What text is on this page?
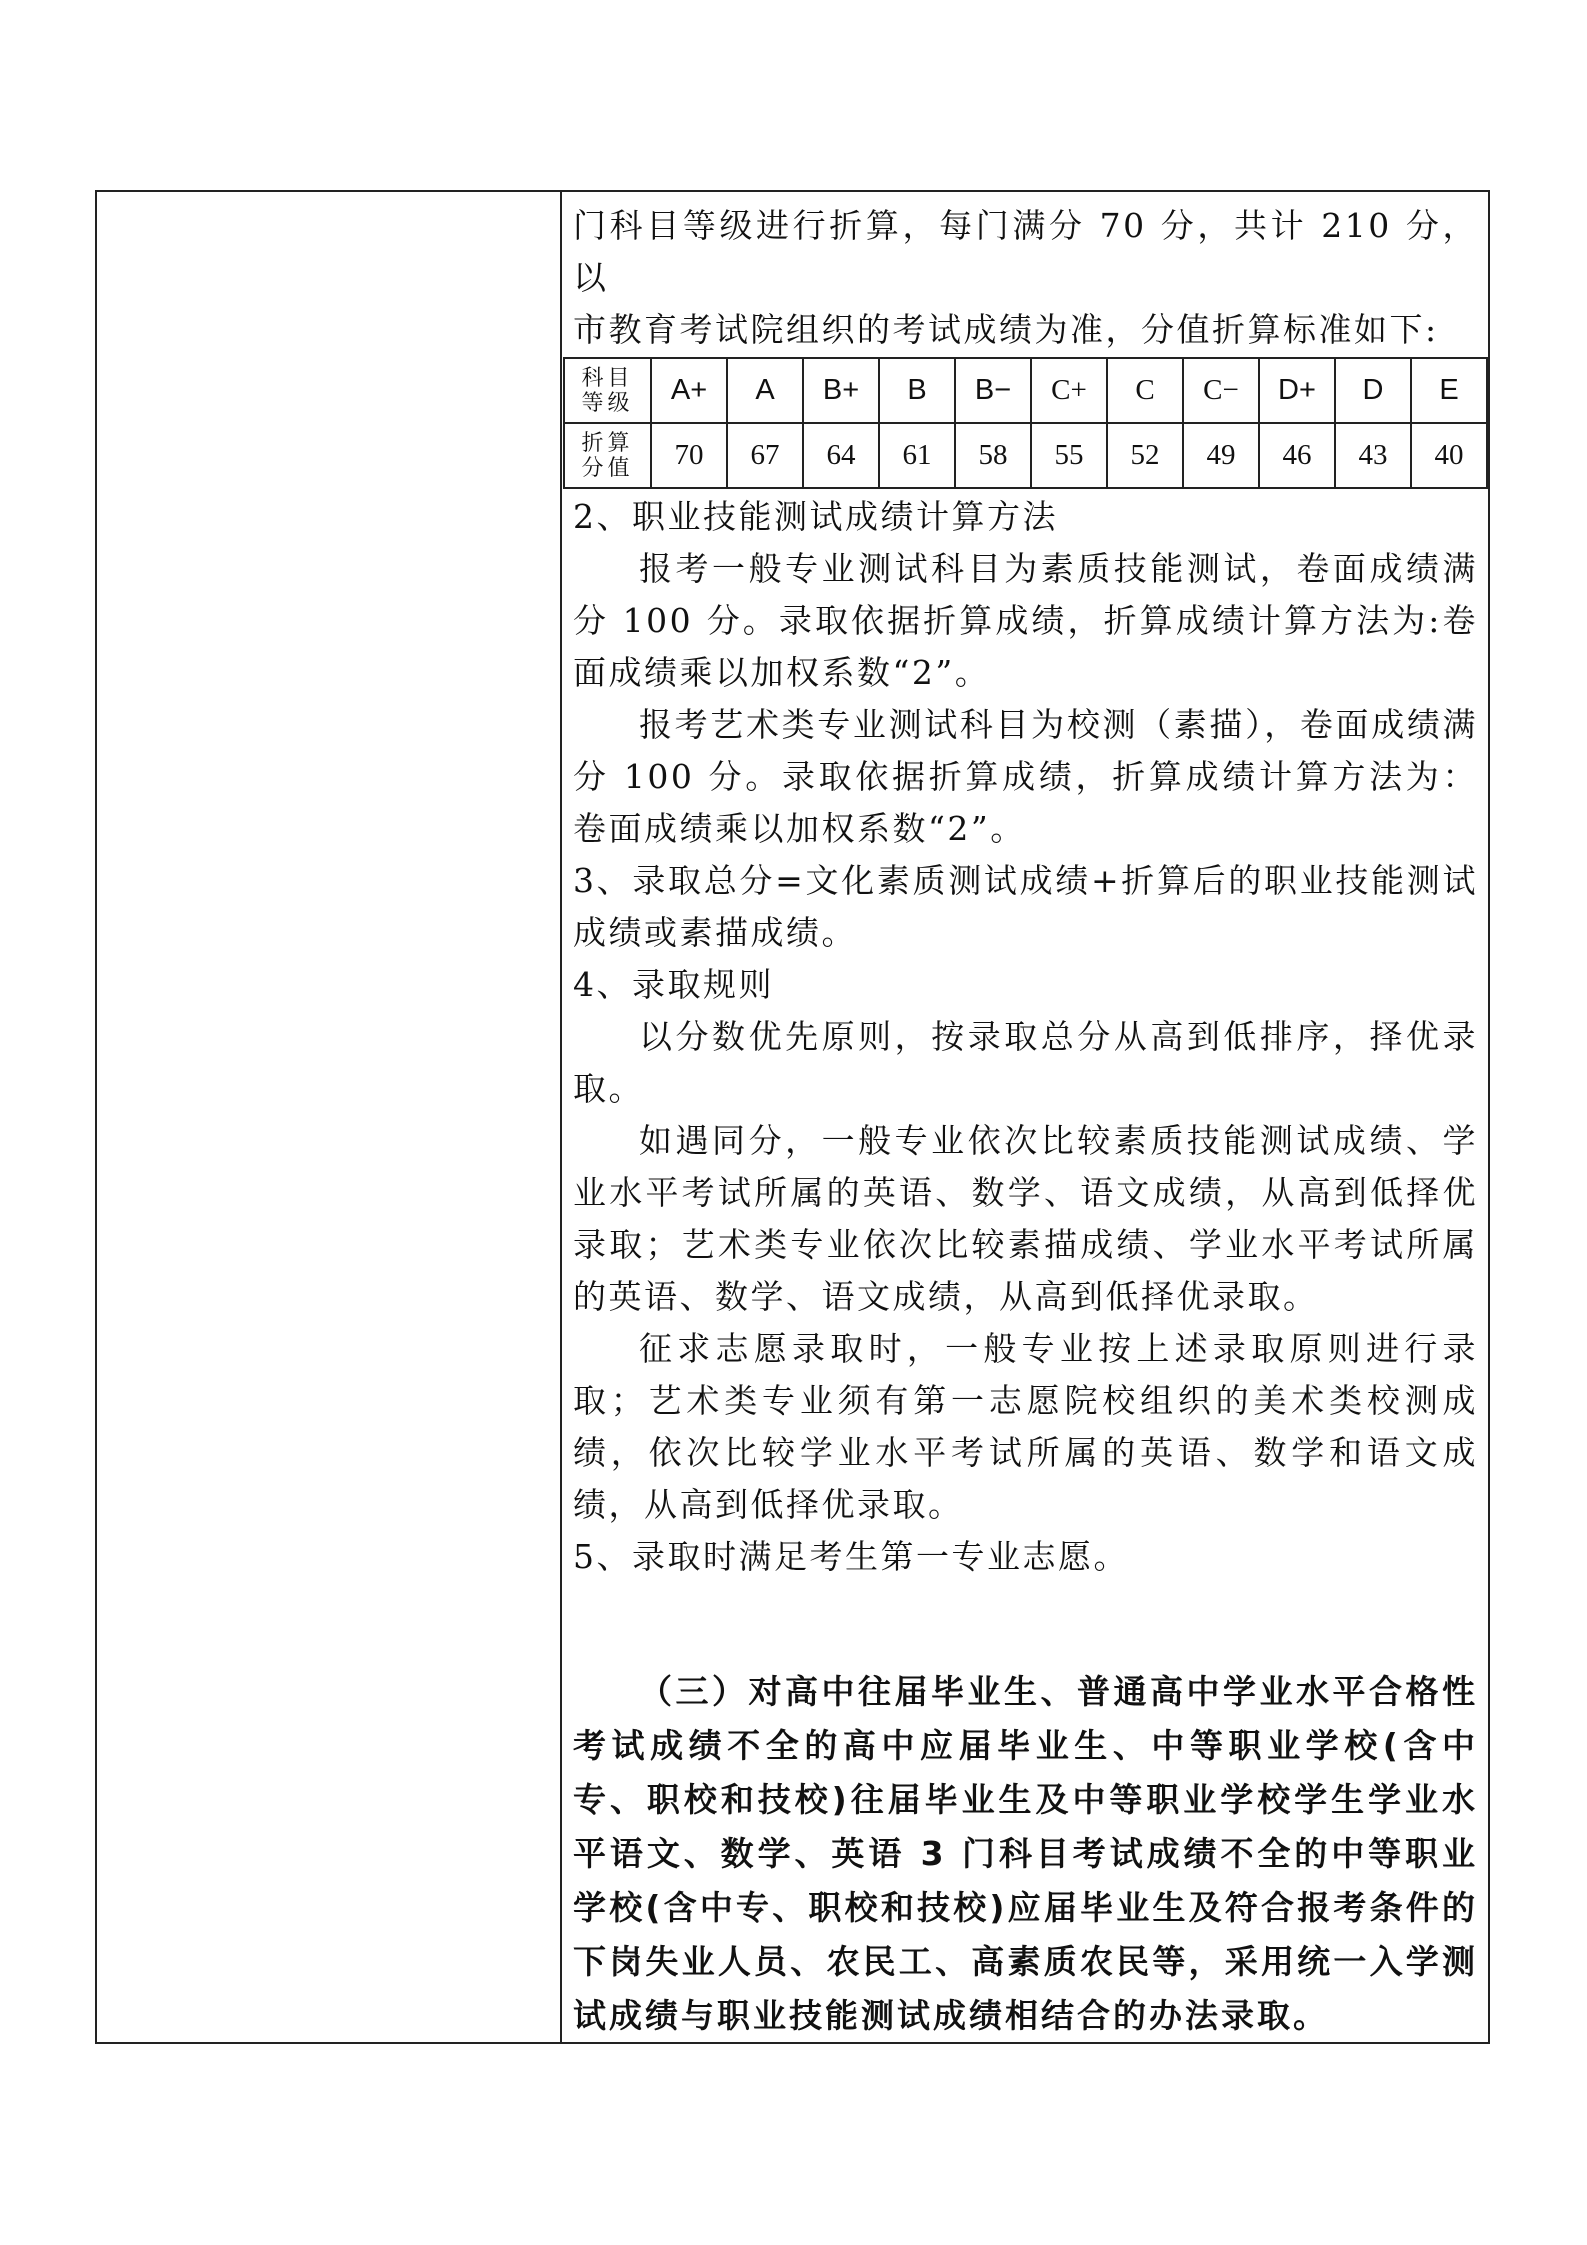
门科目等级进行折算，每门满分 70 分，共计 210 分，以

市教育考试院组织的考试成绩为准，分值折算标准如下:

科目
等级	A+	A	B+	B	B−	C+	C	C−	D+	D	E
折算
分值	70	67	64	61	58	55	52	49	46	43	40

2、职业技能测试成绩计算方法

报考一般专业测试科目为素质技能测试，卷面成绩满分 100 分。录取依据折算成绩，折算成绩计算方法为:卷面成绩乘以加权系数“2”。

报考艺术类专业测试科目为校测（素描），卷面成绩满分 100 分。录取依据折算成绩，折算成绩计算方法为：卷面成绩乘以加权系数“2”。

3、录取总分=文化素质测试成绩+折算后的职业技能测试成绩或素描成绩。

4、录取规则

以分数优先原则，按录取总分从高到低排序，择优录取。

如遇同分，一般专业依次比较素质技能测试成绩、学业水平考试所属的英语、数学、语文成绩，从高到低择优录取；艺术类专业依次比较素描成绩、学业水平考试所属的英语、数学、语文成绩，从高到低择优录取。

征求志愿录取时，一般专业按上述录取原则进行录取；艺术类专业须有第一志愿院校组织的美术类校测成绩，依次比较学业水平考试所属的英语、数学和语文成绩，从高到低择优录取。

5、录取时满足考生第一专业志愿。

（三）对高中往届毕业生、普通高中学业水平合格性考试成绩不全的高中应届毕业生、中等职业学校(含中专、职校和技校)往届毕业生及中等职业学校学生学业水平语文、数学、英语 3 门科目考试成绩不全的中等职业学校(含中专、职校和技校)应届毕业生及符合报考条件的下岗失业人员、农民工、高素质农民等，采用统一入学测试成绩与职业技能测试成绩相结合的办法录取。
